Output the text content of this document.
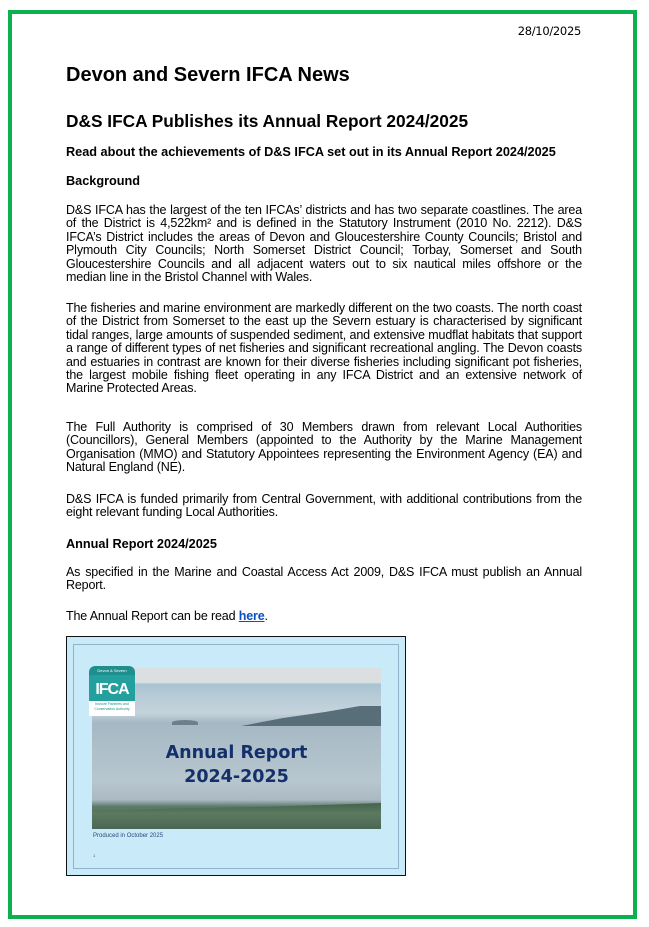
28/10/2025
Devon and Severn IFCA News
D&S IFCA Publishes its Annual Report 2024/2025

Read about the achievements of D&S IFCA set out in its Annual Report 2024/2025

Background

D&S IFCA has the largest of the ten IFCAs’ districts and has two separate coastlines. The area of the District is 4,522km² and is defined in the Statutory Instrument (2010 No. 2212). D&S IFCA’s District includes the areas of Devon and Gloucestershire County Councils; Bristol and Plymouth City Councils; North Somerset District Council; Torbay, Somerset and South Gloucestershire Councils and all adjacent waters out to six nautical miles offshore or the median line in the Bristol Channel with Wales.

The fisheries and marine environment are markedly different on the two coasts. The north coast of the District from Somerset to the east up the Severn estuary is characterised by significant tidal ranges, large amounts of suspended sediment, and extensive mudflat habitats that support a range of different types of net fisheries and significant recreational angling. The Devon coasts and estuaries in contrast are known for their diverse fisheries including significant pot fisheries, the largest mobile fishing fleet operating in any IFCA District and an extensive network of Marine Protected Areas.

The Full Authority is comprised of 30 Members drawn from relevant Local Authorities (Councillors), General Members (appointed to the Authority by the Marine Management Organisation (MMO) and Statutory Appointees representing the Environment Agency (EA) and Natural England (NE).

D&S IFCA is funded primarily from Central Government, with additional contributions from the eight relevant funding Local Authorities.

Annual Report 2024/2025

As specified in the Marine and Coastal Access Act 2009, D&S IFCA must publish an Annual Report.

The Annual Report can be read here.

Annual Report
2024-2025
Devon & Severn
IFCA
Inshore Fisheries and Conservation Authority
Produced in October 2025
1
